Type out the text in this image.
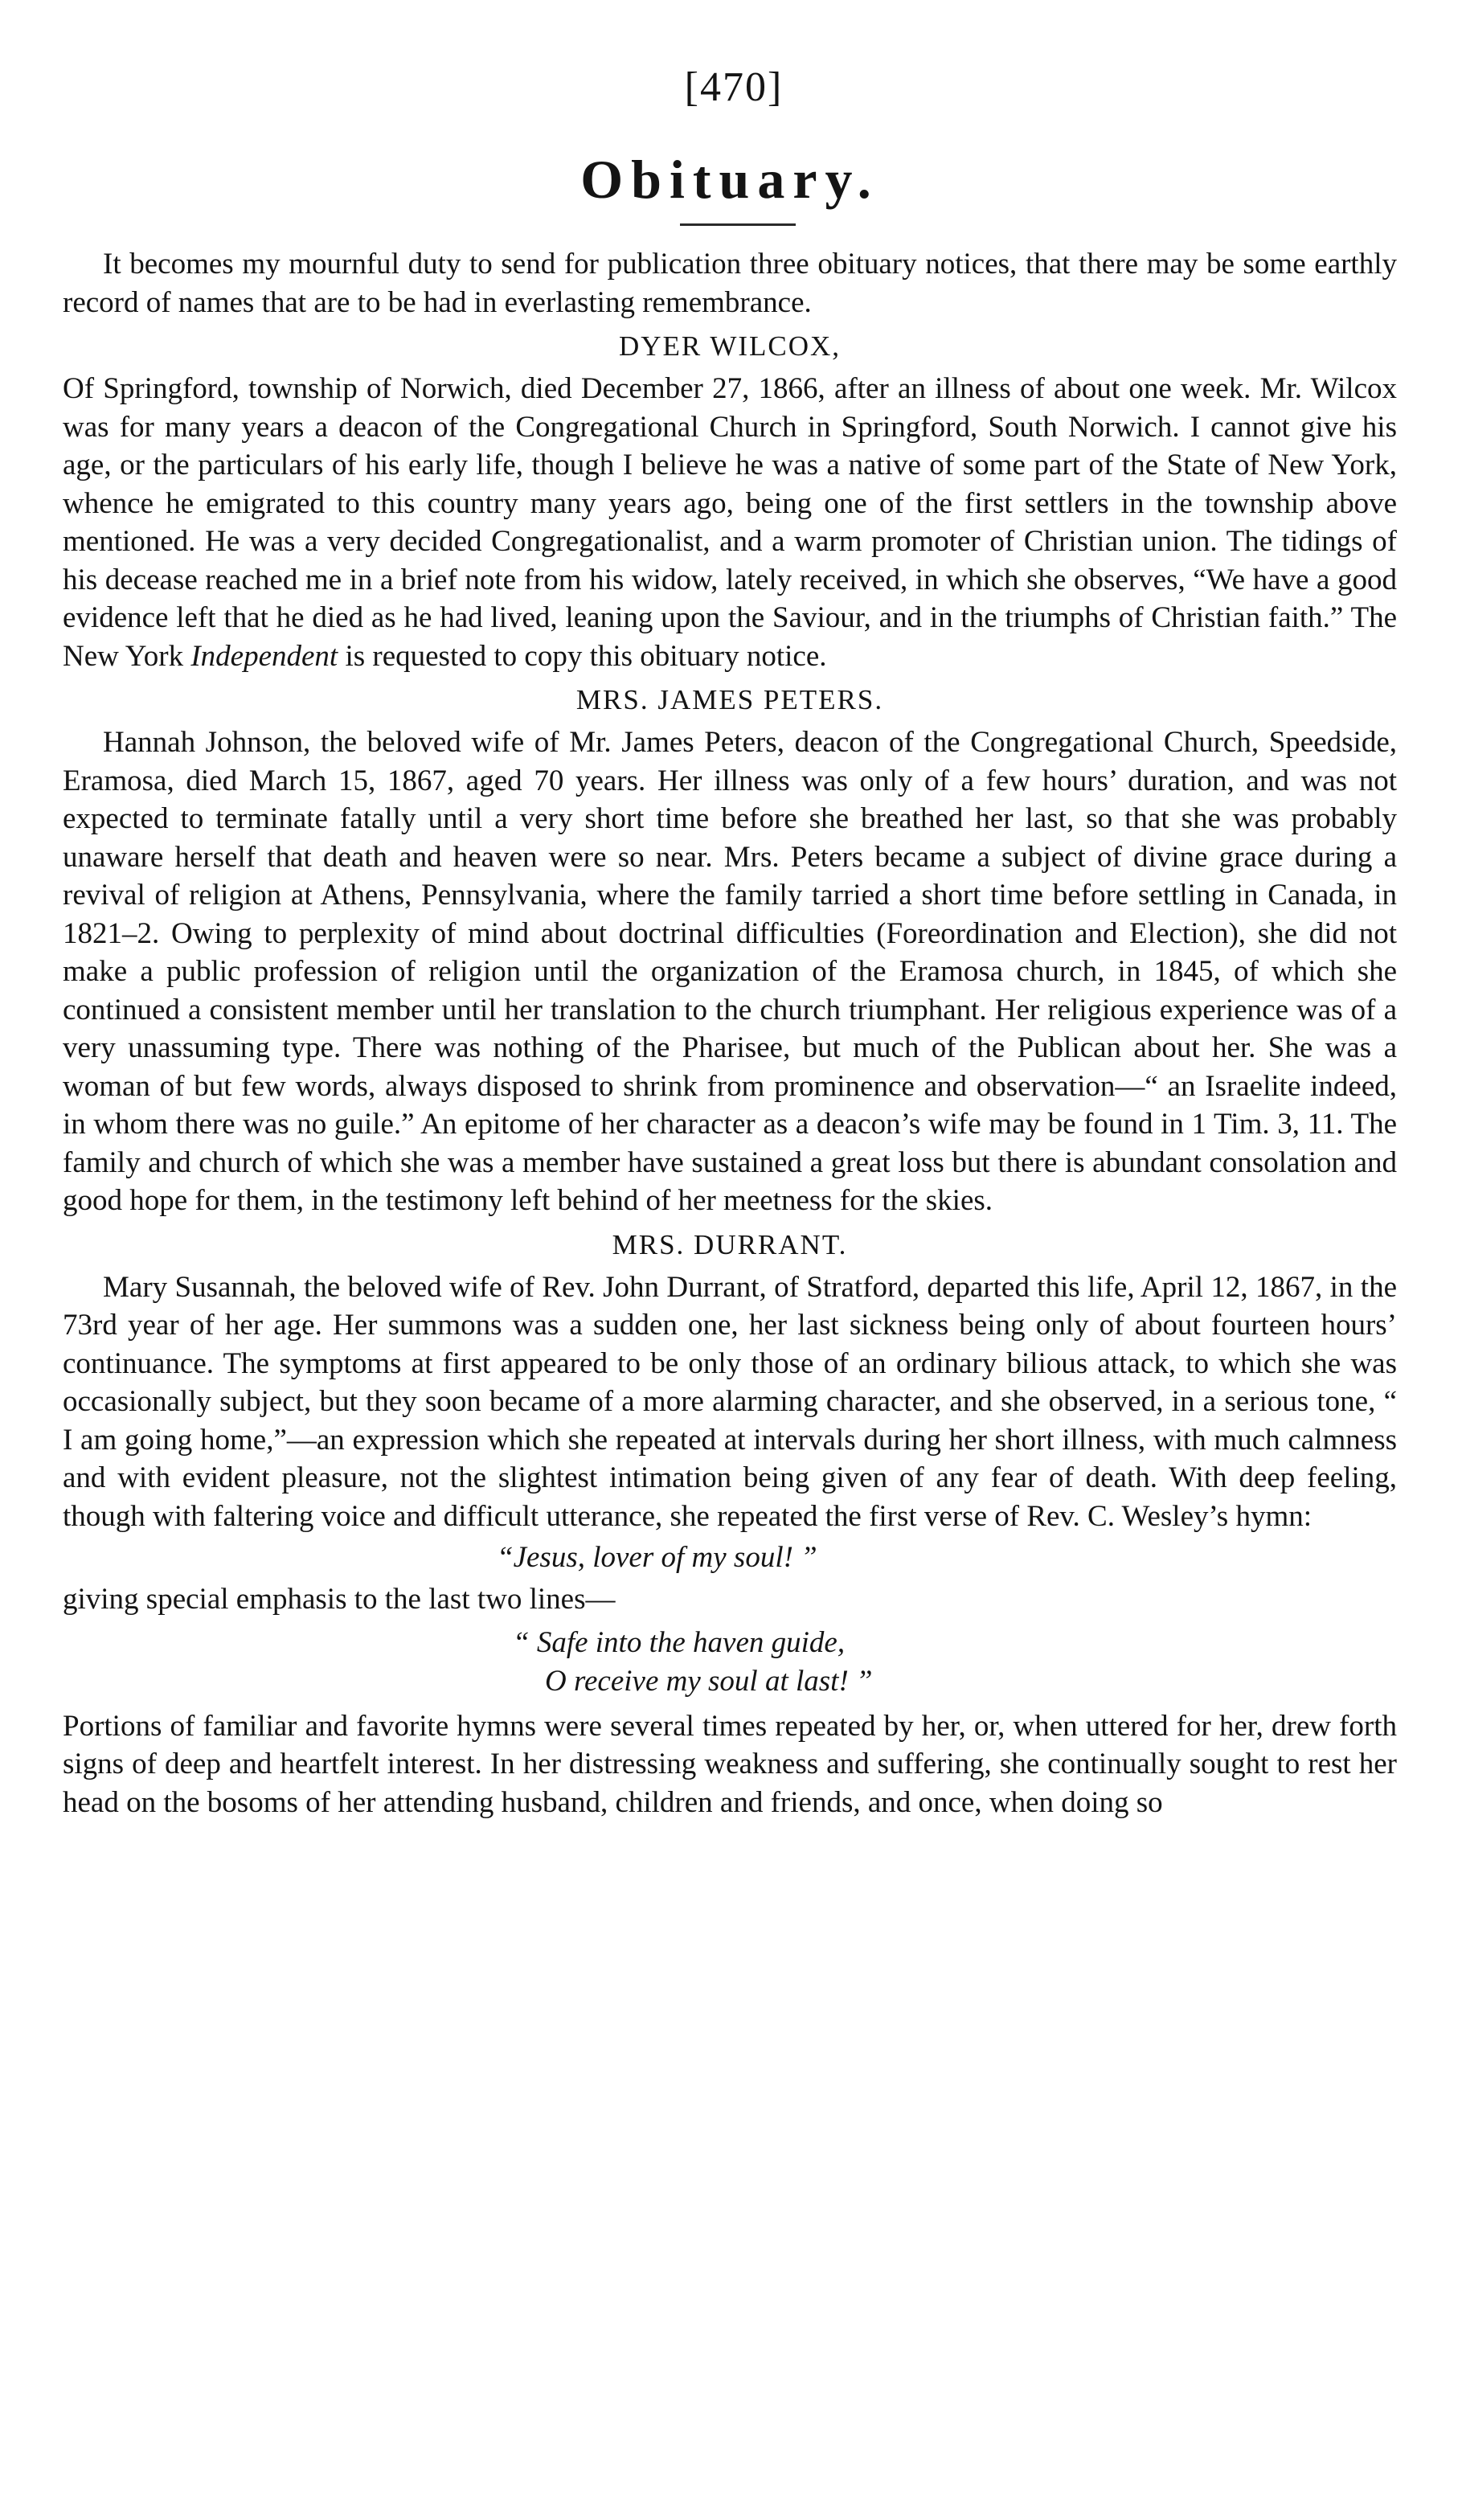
[470]
Obituary.

It becomes my mournful duty to send for publication three obituary notices, that there may be some earthly record of names that are to be had in everlasting remembrance.

DYER WILCOX,

Of Springford, township of Norwich, died December 27, 1866, after an illness of about one week. Mr. Wilcox was for many years a deacon of the Congregational Church in Springford, South Norwich. I cannot give his age, or the particulars of his early life, though I believe he was a native of some part of the State of New York, whence he emigrated to this country many years ago, being one of the first settlers in the township above mentioned. He was a very decided Congregationalist, and a warm promoter of Christian union. The tidings of his decease reached me in a brief note from his widow, lately received, in which she observes, “We have a good evidence left that he died as he had lived, leaning upon the Saviour, and in the triumphs of Christian faith.” The New York Independent is requested to copy this obituary notice.

MRS. JAMES PETERS.

Hannah Johnson, the beloved wife of Mr. James Peters, deacon of the Congregational Church, Speedside, Eramosa, died March 15, 1867, aged 70 years. Her illness was only of a few hours’ duration, and was not expected to terminate fatally until a very short time before she breathed her last, so that she was probably unaware herself that death and heaven were so near. Mrs. Peters became a subject of divine grace during a revival of religion at Athens, Pennsylvania, where the family tarried a short time before settling in Canada, in 1821–2. Owing to perplexity of mind about doctrinal difficulties (Foreordination and Election), she did not make a public profession of religion until the organization of the Eramosa church, in 1845, of which she continued a consistent member until her translation to the church triumphant. Her religious experience was of a very unassuming type. There was nothing of the Pharisee, but much of the Publican about her. She was a woman of but few words, always disposed to shrink from prominence and observation—“ an Israelite indeed, in whom there was no guile.” An epitome of her character as a deacon’s wife may be found in 1 Tim. 3, 11. The family and church of which she was a member have sustained a great loss but there is abundant consolation and good hope for them, in the testimony left behind of her meetness for the skies.

MRS. DURRANT.

Mary Susannah, the beloved wife of Rev. John Durrant, of Stratford, departed this life, April 12, 1867, in the 73rd year of her age. Her summons was a sudden one, her last sickness being only of about fourteen hours’ continuance. The symptoms at first appeared to be only those of an ordinary bilious attack, to which she was occasionally subject, but they soon became of a more alarming character, and she observed, in a serious tone, “ I am going home,”—an expression which she repeated at intervals during her short illness, with much calmness and with evident pleasure, not the slightest intimation being given of any fear of death. With deep feeling, though with faltering voice and difficult utterance, she repeated the first verse of Rev. C. Wesley’s hymn:

“Jesus, lover of my soul! ”

giving special emphasis to the last two lines—

“ Safe into the haven guide,
O receive my soul at last! ”

Portions of familiar and favorite hymns were several times repeated by her, or, when uttered for her, drew forth signs of deep and heartfelt interest. In her distressing weakness and suffering, she continually sought to rest her head on the bosoms of her attending husband, children and friends, and once, when doing so
